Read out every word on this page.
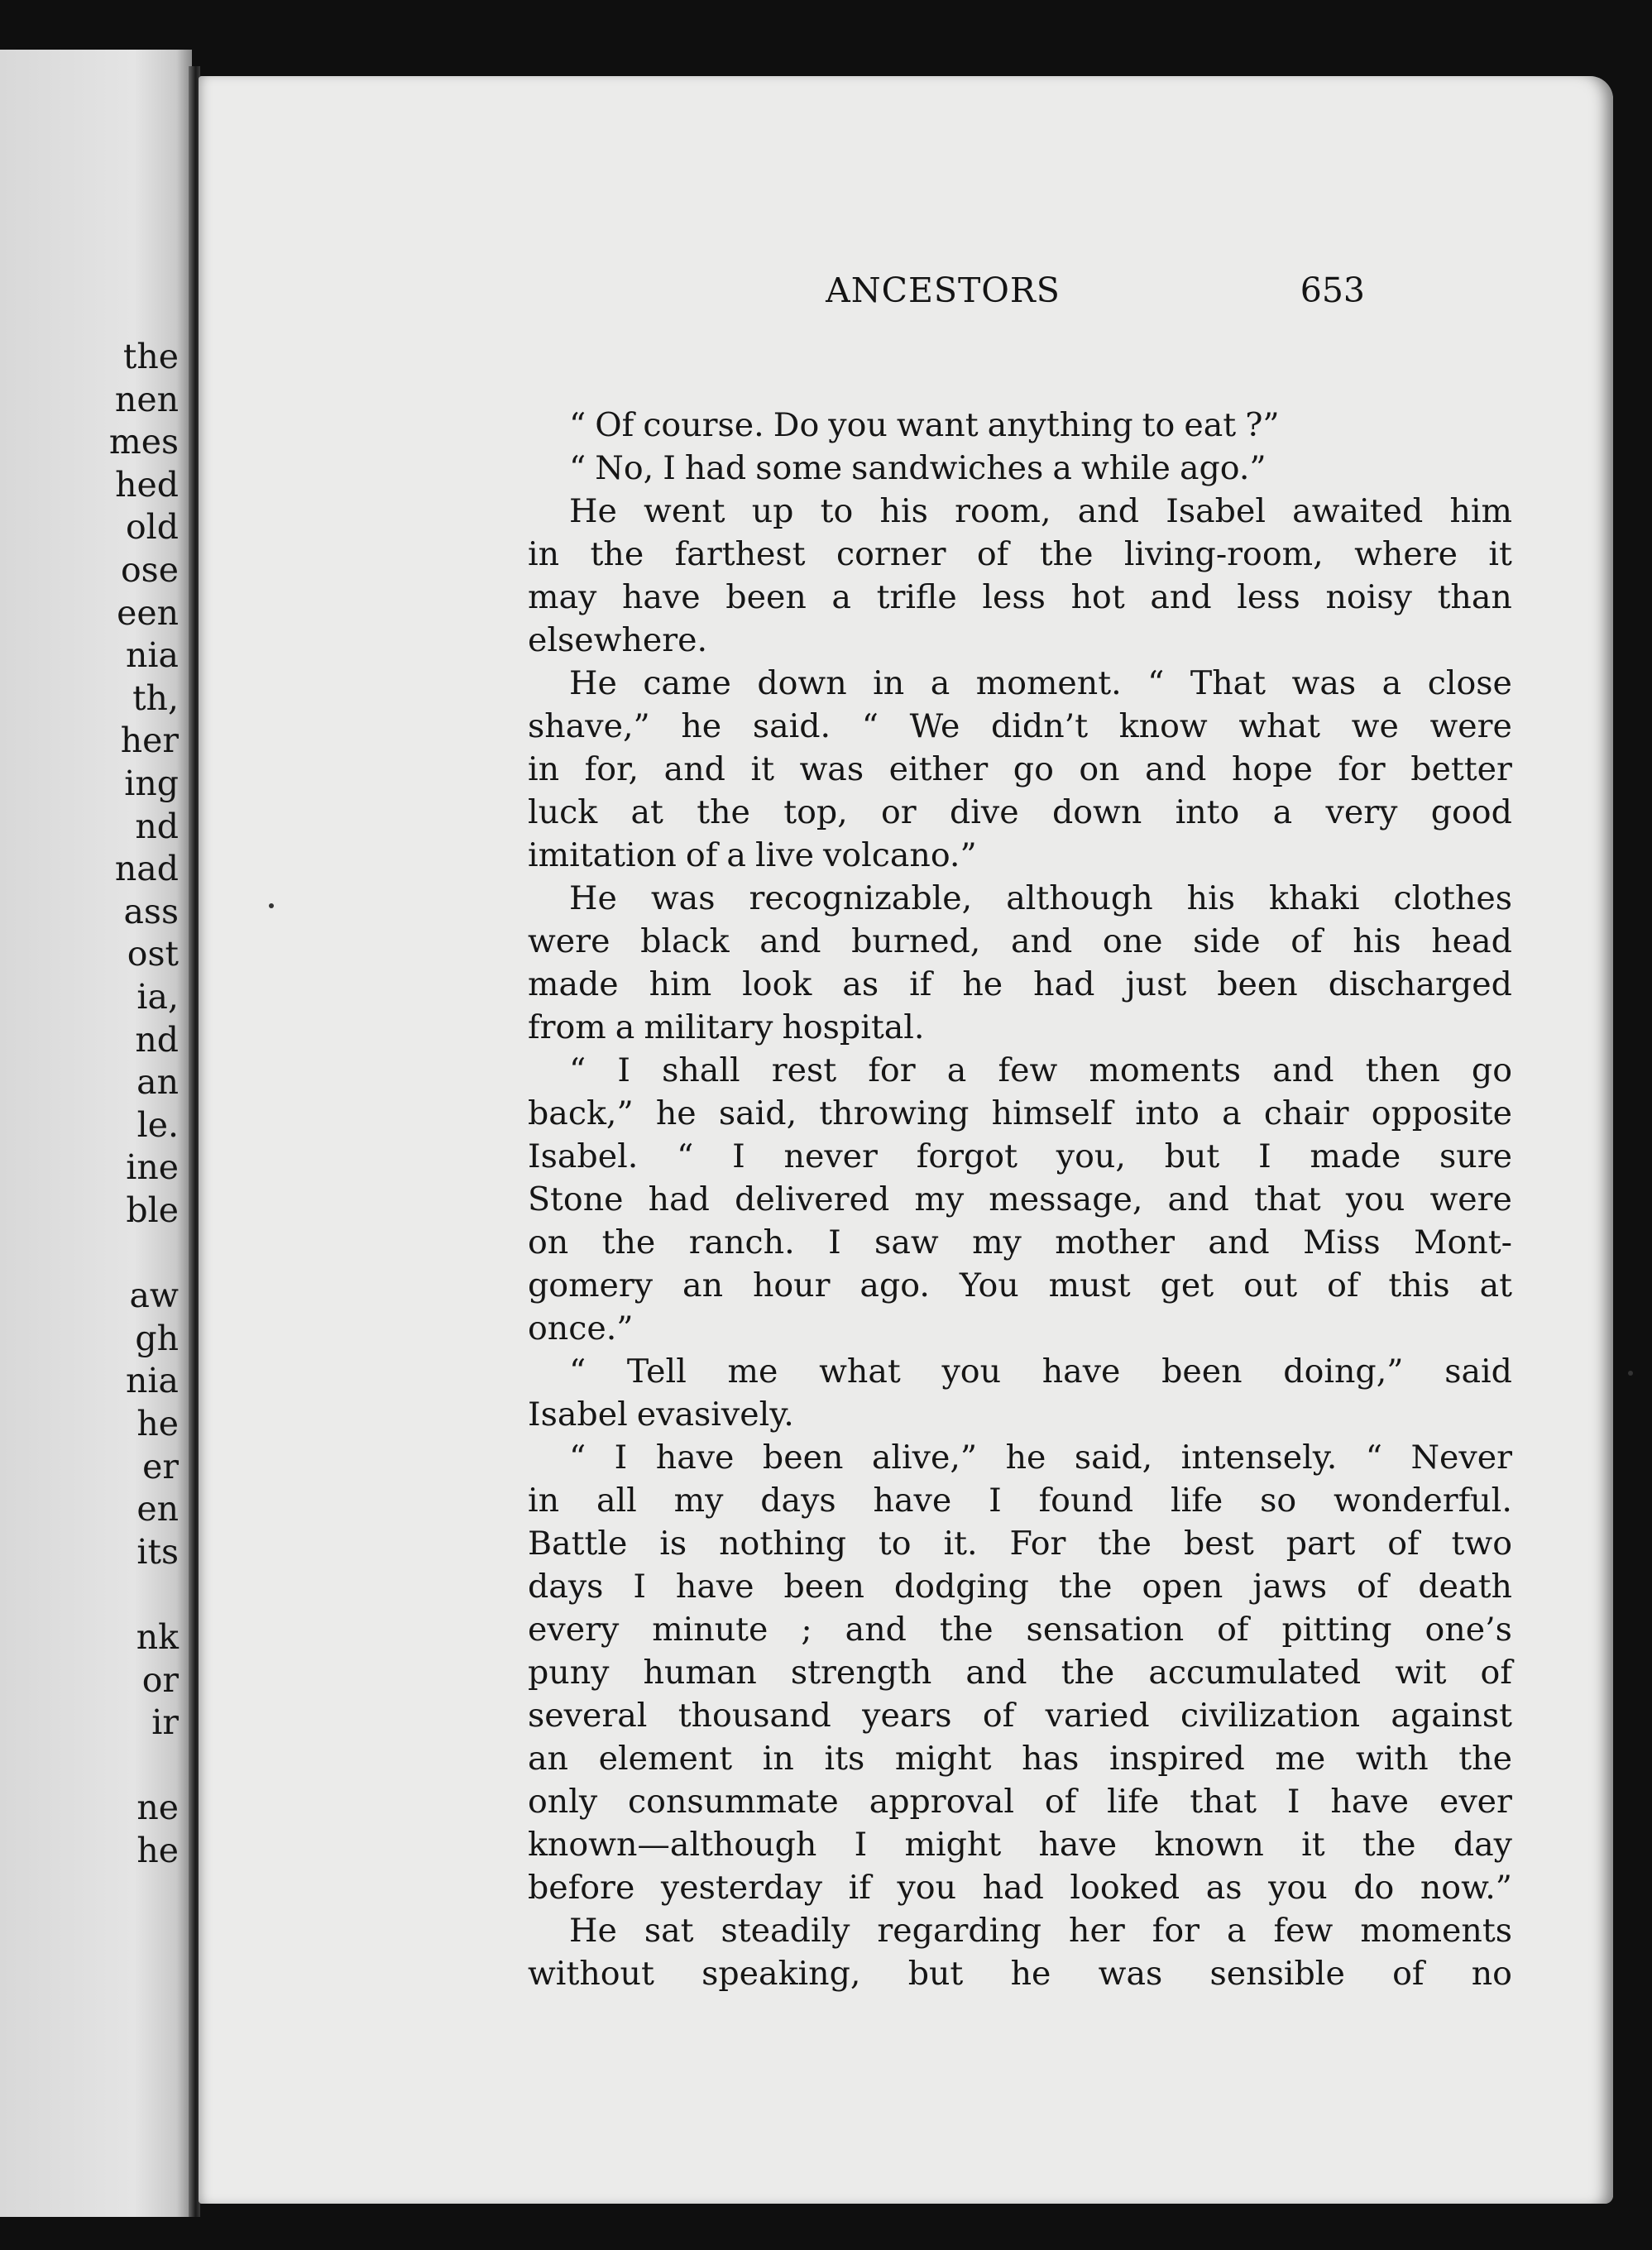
the
nen
mes
hed
old
ose
een
nia
th,
her
ing
nd
nad
ass
ost
ia,
nd
an
le.
ine
ble
aw
gh
nia
he
er
en
its
nk
or
ir
ne
he
ANCESTORS	653
“ Of course. Do you want anything to eat ?”
“ No, I had some sandwiches a while ago.”
He went up to his room, and Isabel awaited him
in the farthest corner of the living-room, where it
may have been a trifle less hot and less noisy than
elsewhere.
He came down in a moment. “ That was a close
shave,” he said. “ We didn’t know what we were
in for, and it was either go on and hope for better
luck at the top, or dive down into a very good
imitation of a live volcano.”
He was recognizable, although his khaki clothes
were black and burned, and one side of his head
made him look as if he had just been discharged
from a military hospital.
“ I shall rest for a few moments and then go
back,” he said, throwing himself into a chair opposite
Isabel. “ I never forgot you, but I made sure
Stone had delivered my message, and that you were
on the ranch. I saw my mother and Miss Mont-
gomery an hour ago. You must get out of this at
once.”
“ Tell me what you have been doing,” said
Isabel evasively.
“ I have been alive,” he said, intensely. “ Never
in all my days have I found life so wonderful.
Battle is nothing to it. For the best part of two
days I have been dodging the open jaws of death
every minute ; and the sensation of pitting one’s
puny human strength and the accumulated wit of
several thousand years of varied civilization against
an element in its might has inspired me with the
only consummate approval of life that I have ever
known—although I might have known it the day
before yesterday if you had looked as you do now.”
He sat steadily regarding her for a few moments
without speaking, but he was sensible of no
